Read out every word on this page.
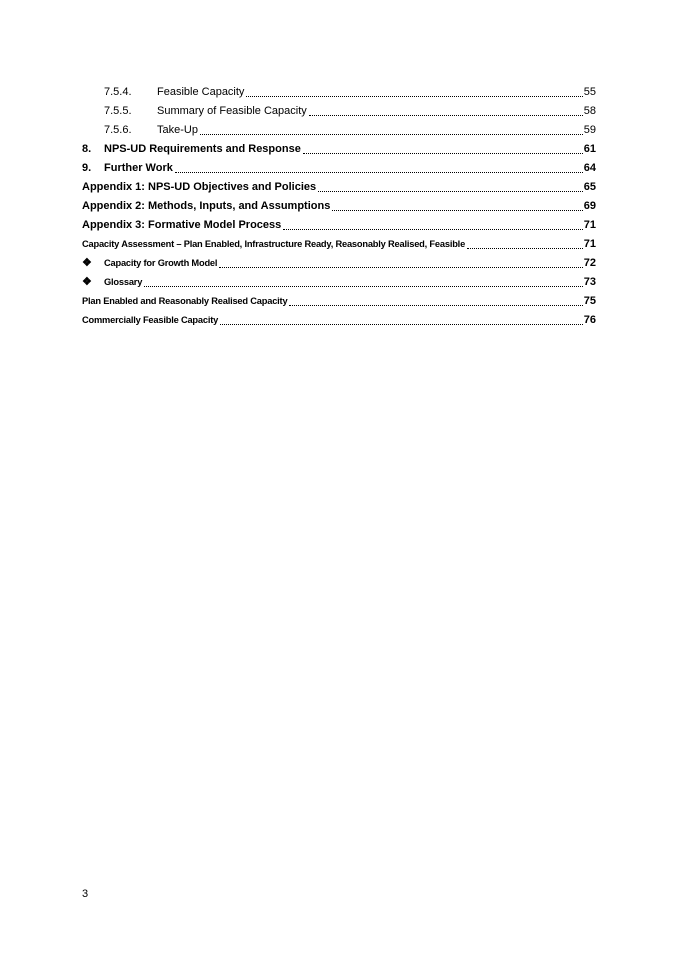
7.5.4.	Feasible Capacity	55
7.5.5.	Summary of Feasible Capacity	58
7.5.6.	Take-Up	59
8.	NPS-UD Requirements and Response	61
9.	Further Work	64
Appendix 1: NPS-UD Objectives and Policies	65
Appendix 2: Methods, Inputs, and Assumptions	69
Appendix 3: Formative Model Process	71
Capacity Assessment – Plan Enabled, Infrastructure Ready, Reasonably Realised, Feasible	71
❖	Capacity for Growth Model	72
❖	Glossary	73
Plan Enabled and Reasonably Realised Capacity	75
Commercially Feasible Capacity	76
3
